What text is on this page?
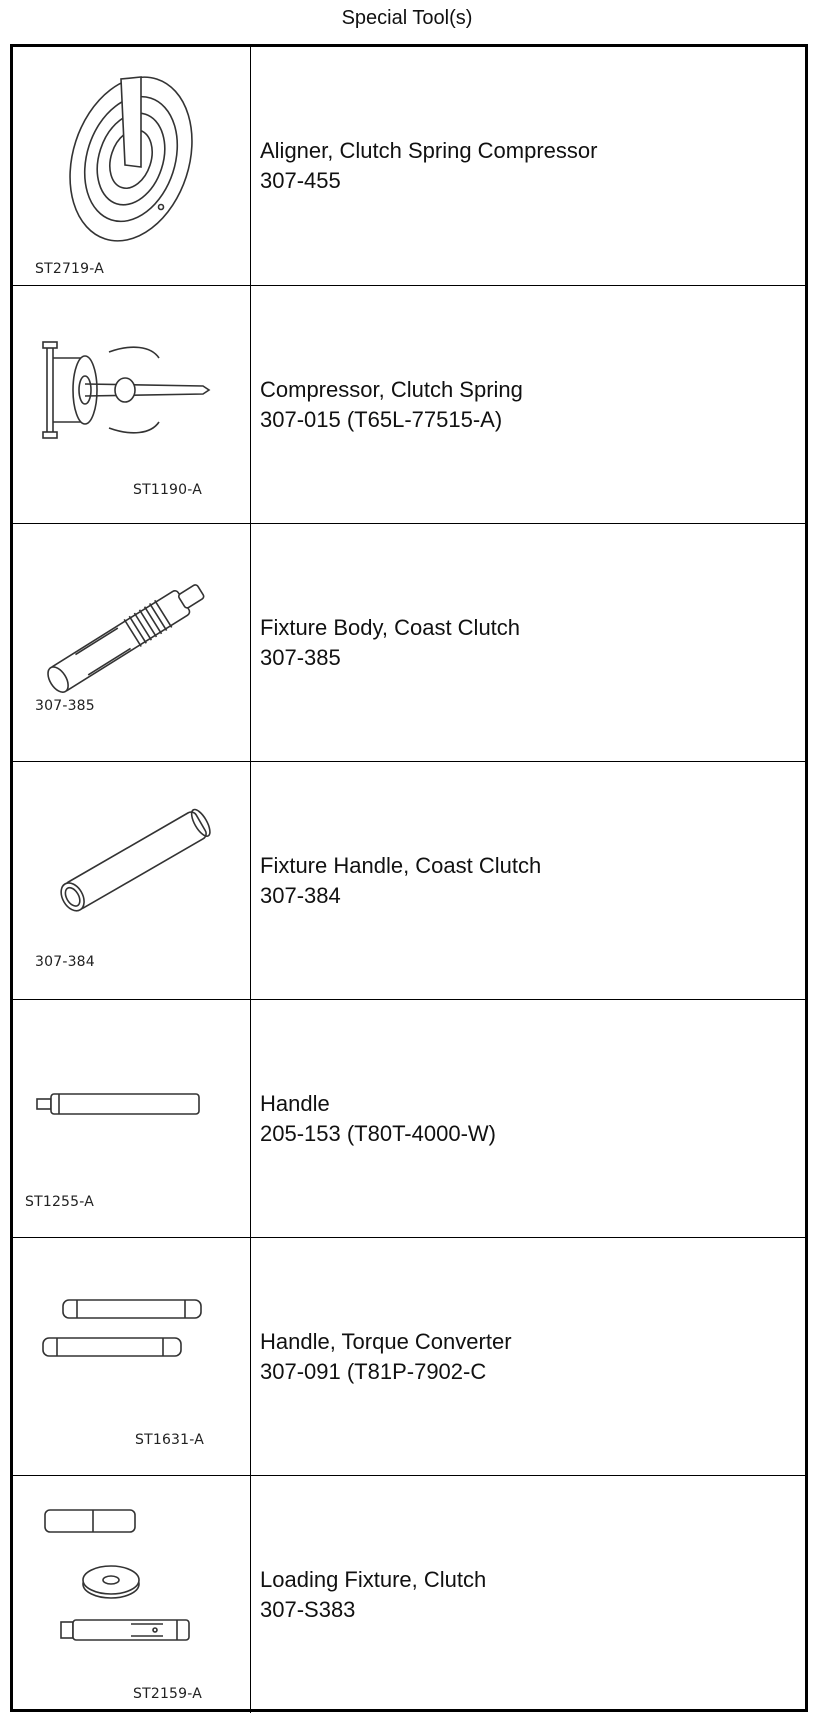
Special Tool(s)
ST2719-A
Aligner, Clutch Spring Compressor
307-455
ST1190-A
Compressor, Clutch Spring
307-015 (T65L-77515-A)
307-385
Fixture Body, Coast Clutch
307-385
307-384
Fixture Handle, Coast Clutch
307-384
ST1255-A
Handle
205-153 (T80T-4000-W)
ST1631-A
Handle, Torque Converter
307-091 (T81P-7902-C
ST2159-A
Loading Fixture, Clutch
307-S383
